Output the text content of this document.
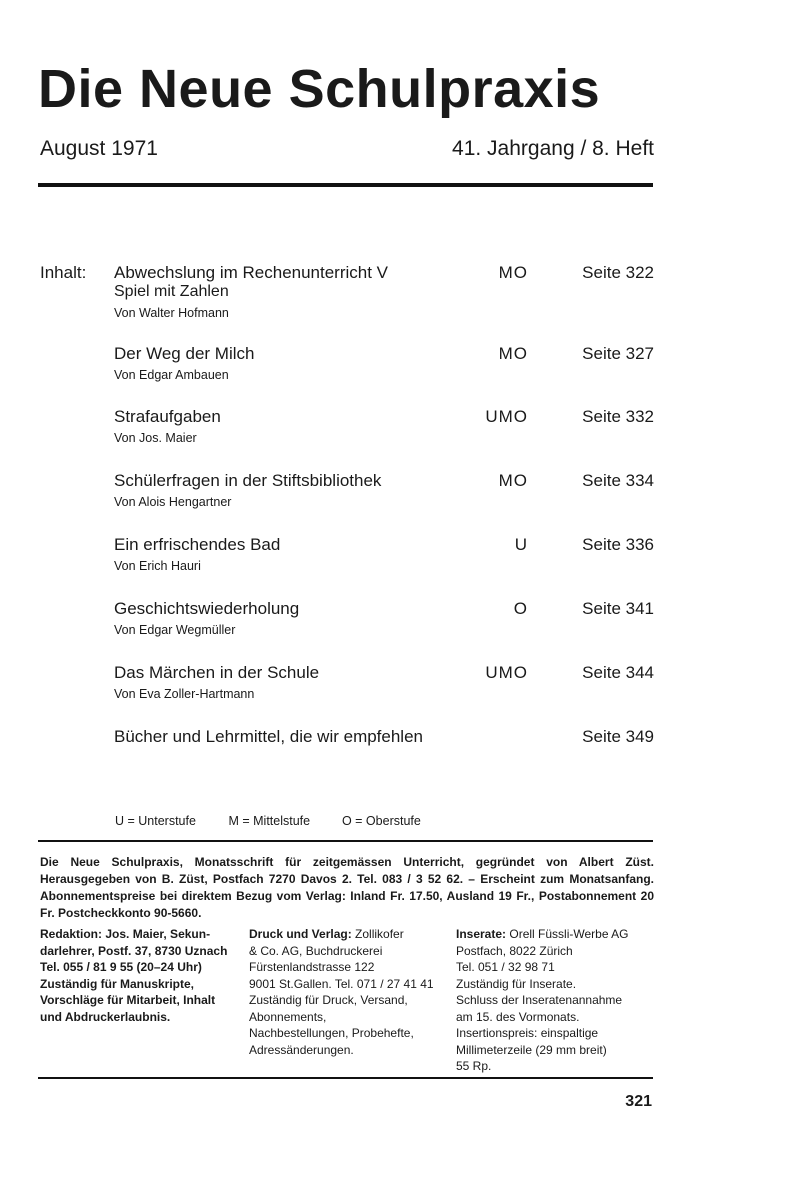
Die Neue Schulpraxis
August 1971	41. Jahrgang / 8. Heft
Inhalt: Abwechslung im Rechenunterricht V
Spiel mit Zahlen
Von Walter Hofmann
MO	Seite 322
Der Weg der Milch
Von Edgar Ambauen
MO	Seite 327
Strafaufgaben
Von Jos. Maier
UMO	Seite 332
Schülerfragen in der Stiftsbibliothek
Von Alois Hengartner
MO	Seite 334
Ein erfrischendes Bad
Von Erich Hauri
U	Seite 336
Geschichtswiederholung
Von Edgar Wegmüller
O	Seite 341
Das Märchen in der Schule
Von Eva Zoller-Hartmann
UMO	Seite 344
Bücher und Lehrmittel, die wir empfehlen	Seite 349
U = Unterstufe	M = Mittelstufe	O = Oberstufe
Die Neue Schulpraxis, Monatsschrift für zeitgemässen Unterricht, gegründet von Albert Züst. Herausgegeben von B. Züst, Postfach 7270 Davos 2. Tel. 083 / 3 52 62. – Erscheint zum Monatsanfang. Abonnementspreise bei direktem Bezug vom Verlag: Inland Fr. 17.50, Ausland 19 Fr., Postabonnement 20 Fr. Postcheckkonto 90-5660.
Redaktion: Jos. Maier, Sekun-
darlehrer, Postf. 37, 8730 Uznach
Tel. 055 / 81 9 55 (20–24 Uhr)
Zuständig für Manuskripte,
Vorschläge für Mitarbeit, Inhalt
und Abdruckerlaubnis.
Druck und Verlag: Zollikofer
& Co. AG, Buchdruckerei
Fürstenlandstrasse 122
9001 St.Gallen. Tel. 071 / 27 41 41
Zuständig für Druck, Versand,
Abonnements,
Nachbestellungen, Probehefte,
Adressänderungen.
Inserate: Orell Füssli-Werbe AG
Postfach, 8022 Zürich
Tel. 051 / 32 98 71
Zuständig für Inserate.
Schluss der Inseratenannahme
am 15. des Vormonats.
Insertionspreis: einspaltige
Millimeterzeile (29 mm breit)
55 Rp.
321
